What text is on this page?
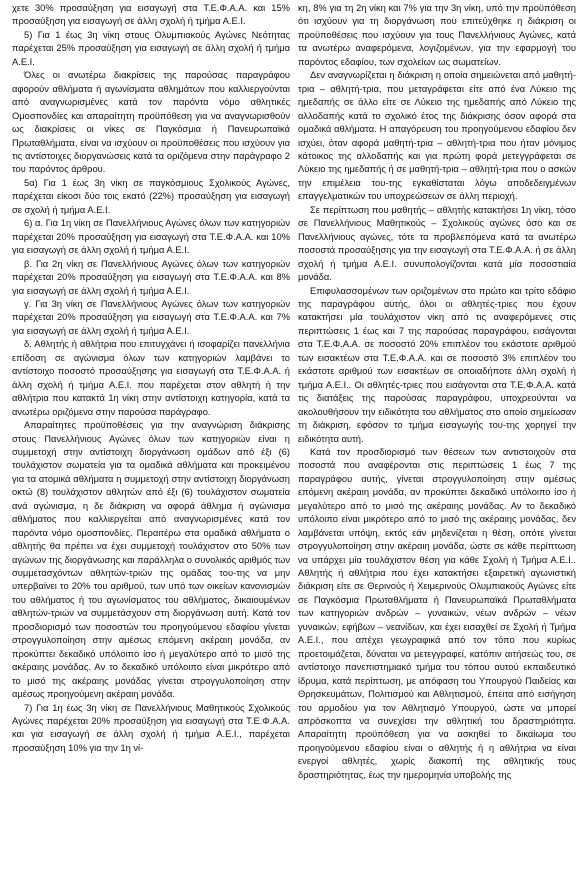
χετε 30% προσαύξηση για εισαγωγή στα Τ.Ε.Φ.Α.Α. και 15% προσαύξηση για εισαγωγή σε άλλη σχολή ή τμήμα Α.Ε.Ι.

5) Για 1 έως 3η νίκη στους Ολυμπιακούς Αγώνες Νεότητας παρέχεται 25% προσαύξηση για εισαγωγή σε άλλη σχολή ή τμήμα Α.Ε.Ι.

Όλες οι ανωτέρω διακρίσεις της παρούσας παραγράφου αφορούν αθλήματα ή αγωνίσματα αθλημάτων που καλλιεργούνται από αναγνωρισμένες κατά τον παρόντα νόμο αθλητικές Ομοσπονδίες και απαραίτητη προϋπόθεση για να αναγνωρισθούν ως διακρίσεις οι νίκες σε Παγκόσμια ή Πανευρωπαϊκά Πρωταθλήματα, είναι να ισχύουν οι προϋποθέσεις που ισχύουν για τις αντίστοιχες διοργανώσεις κατά τα οριζόμενα στην παράγραφο 2 του παρόντος άρθρου.

5α) Για 1 έως 3η νίκη σε παγκόσμιους Σχολικούς Αγώνες, παρέχεται είκοσι δύο τοις εκατό (22%) προσαύξηση για εισαγωγή σε σχολή ή τμήμα Α.Ε.Ι.

6) α. Για 1η νίκη σε Πανελλήνιους Αγώνες όλων των κατηγοριών παρέχεται 20% προσαύξηση για εισαγωγή στα Τ.Ε.Φ.Α.Α. και 10% για εισαγωγή σε άλλη σχολή ή τμήμα Α.Ε.Ι.

β. Για 2η νίκη σε Πανελλήνιους Αγώνες όλων των κατηγοριών παρέχεται 20% προσαύξηση για εισαγωγή στα Τ.Ε.Φ.Α.Α. και 8% για εισαγωγή σε άλλη σχολή ή τμήμα Α.Ε.Ι.

γ. Για 3η νίκη σε Πανελλήνιους Αγώνες όλων των κατηγοριών παρέχεται 20% προσαύξηση για εισαγωγή στα Τ.Ε.Φ.Α.Α. και 7% για εισαγωγή σε άλλη σχολή ή τμήμα Α.Ε.Ι.

δ. Αθλητής ή αθλήτρια που επιτυγχάνει ή ισοφαρίζει πανελλήνια επίδοση σε αγώνισμα όλων των κατηγοριών λαμβάνει το αντίστοιχο ποσοστό προσαύξησης για εισαγωγή στα Τ.Ε.Φ.Α.Α. ή άλλη σχολή ή τμήμα Α.Ε.Ι. που παρέχεται στον αθλητή ή την αθλήτρια που κατακτά 1η νίκη στην αντίστοιχη κατηγορία, κατά τα ανωτέρω οριζόμενα στην παρούσα παράγραφο.

Απαραίτητες προϋποθέσεις για την αναγνώριση διάκρισης στους Πανελλήνιους Αγώνες όλων των κατηγοριών είναι η συμμετοχή στην αντίστοιχη διοργάνωση ομάδων από έξι (6) τουλάχιστον σωματεία για τα ομαδικά αθλήματα και προκειμένου για τα ατομικά αθλήματα η συμμετοχή στην αντίστοιχη διοργάνωση οκτώ (8) τουλάχιστον αθλητών από έξι (6) τουλάχιστον σωματεία ανά αγώνισμα, η δε διάκριση να αφορά άθλημα ή αγώνισμα αθλήματος που καλλιεργείται από αναγνωρισμένες κατά τον παρόντα νόμο ομοσπονδίες. Περαιτέρω στα ομαδικά αθλήματα ο αθλητής θα πρέπει να έχει συμμετοχή τουλάχιστον στο 50% των αγώνων της διοργάνωσης και παράλληλα ο συνολικός αριθμός των συμμετασχόντων αθλητών-τριών της ομάδας του-της να μην υπερβαίνει το 20% του αριθμού, των υπό των οικείων κανονισμών του αθλήματος ή του αγωνίσματος του αθλήματος, δικαιουμένων αθλητών-τριών να συμμετάσχουν στη διοργάνωση αυτή. Κατά τον προσδιορισμό των ποσοστών του προηγούμενου εδαφίου γίνεται στρογγυλοποίηση στην αμέσως επόμενη ακέραιη μονάδα, αν προκύπτει δεκαδικό υπόλοιπο ίσο ή μεγαλύτερο από το μισό της ακέραιης μονάδας. Αν το δεκαδικό υπόλοιπο είναι μικρότερο από το μισό της ακέραιης μονάδας γίνεται στρογγυλοποίηση στην αμέσως προηγούμενη ακέραιη μονάδα.

7) Για 1η έως 3η νίκη σε Πανελλήνιους Μαθητικούς Σχολικούς Αγώνες παρέχεται 20% προσαύξηση για εισαγωγή στα Τ.Ε.Φ.Α.Α. και για εισαγωγή σε άλλη σχολή ή τμήμα Α.Ε.Ι., παρέχεται προσαύξηση 10% για την 1η νί-

κη, 8% για τη 2η νίκη και 7% για την 3η νίκη, υπό την προϋπόθεση ότι ισχύουν για τη διοργάνωση που επιτεύχθηκε η διάκριση οι προϋποθέσεις που ισχύουν για τους Πανελλήνιους Αγώνες, κατά τα ανωτέρω αναφερόμενα, λογιζομένων, για την εφαρμογή του παρόντος εδαφίου, των σχολείων ως σωματείων.

Δεν αναγνωρίζεται η διάκριση η οποία σημειώνεται από μαθητή-τρια – αθλητή-τρια, που μεταγράφεται είτε από ένα Λύκειο της ημεδαπής σε άλλο είτε σε Λύκειο της ημεδαπής από Λύκειο της αλλοδαπής κατά το σχολικό έτος της διάκρισης όσον αφορά στα ομαδικά αθλήματα. Η απαγόρευση του προηγούμενου εδαφίου δεν ισχύει, όταν αφορά μαθητή-τρια – αθλητή-τρια που ήταν μόνιμος κάτοικος της αλλοδαπής και για πρώτη φορά μετεγγράφεται σε Λύκειο της ημεδαπής ή σε μαθητή-τρια – αθλητή-τρια που ο ασκών την επιμέλεια του-της εγκαθίσταται λόγω αποδεδειγμένων επαγγελματικών του υποχρεώσεων σε άλλη περιοχή.

Σε περίπτωση που μαθητής – αθλητής κατακτήσει 1η νίκη, τόσο σε Πανελλήνιους Μαθητικούς – Σχολικούς αγώνες όσο και σε Πανελλήνιους αγώνες, τότε τα προβλεπόμενα κατά τα ανωτέρω ποσοστά προσαύξησης για την εισαγωγή στα Τ.Ε.Φ.Α.Α. ή σε άλλη σχολή ή τμήμα Α.Ε.Ι. συνυπολογίζονται κατά μία ποσοστιαία μονάδα.

Επιφυλασσομένων των οριζομένων στο πρώτο και τρίτο εδάφιο της παραγράφου αυτής, όλοι οι αθλητές-τριες που έχουν κατακτήσει μία τουλάχιστον νίκη από τις αναφερόμενες στις περιπτώσεις 1 έως και 7 της παρούσας παραγράφου, εισάγονται στα Τ.Ε.Φ.Α.Α. σε ποσοστό 20% επιπλέον του εκάστοτε αριθμού των εισακτέων στα Τ.Ε.Φ.Α.Α. και σε ποσοστό 3% επιπλέον του εκάστοτε αριθμού των εισακτέων σε οποιαδήποτε άλλη σχολή ή τμήμα Α.Ε.Ι.. Οι αθλητές-τριες που εισάγονται στα Τ.Ε.Φ.Α.Α. κατά τις διατάξεις της παρούσας παραγράφου, υποχρεούνται να ακολουθήσουν την ειδικότητα του αθλήματος στο οποίο σημείωσαν τη διάκριση, εφόσον το τμήμα εισαγωγής του-της χορηγεί την ειδικότητα αυτή.

Κατά τον προσδιορισμό των θέσεων των αντιστοιχούν στα ποσοστά που αναφέρονται στις περιπτώσεις 1 έως 7 της παραγράφου αυτής, γίνεται στρογγυλοποίηση στην αμέσως επόμενη ακέραιη μονάδα, αν προκύπτει δεκαδικό υπόλοιπο ίσο ή μεγαλύτερο από το μισό της ακέραιης μονάδας. Αν το δεκαδικό υπόλοιπο είναι μικρότερο από το μισό της ακέραιης μονάδας, δεν λαμβάνεται υπόψη, εκτός εάν μηδενίζεται η θέση, οπότε γίνεται στρογγυλοποίηση στην ακέραιη μονάδα, ώστε σε κάθε περίπτωση να υπάρχει μία τουλάχιστον θέση για κάθε Σχολή ή Τμήμα Α.Ε.Ι.. Αθλητής ή αθλήτρια που έχει κατακτήσει εξαιρετική αγωνιστική διάκριση είτε σε Θερινούς ή Χειμερινούς Ολυμπιακούς Αγώνες είτε σε Παγκόσμια Πρωταθλήματα ή Πανευρωπαϊκά Πρωταθλήματα των κατηγοριών ανδρών – γυναικών, νέων ανδρών – νέων γυναικών, εφήβων – νεανίδων, και έχει εισαχθεί σε Σχολή ή Τμήμα Α.Ε.Ι., που απέχει γεωγραφικά από τον τόπο που κυρίως προετοιμάζεται, δύναται να μετεγγραφεί, κατόπιν αιτήσεώς του, σε αντίστοιχο πανεπιστημιακό τμήμα του τόπου αυτού εκπαιδευτικό ίδρυμα, κατά περίπτωση, με απόφαση του Υπουργού Παιδείας και Θρησκευμάτων, Πολιτισμού και Αθλητισμού, έπειτα από εισήγηση του αρμοδίου για τον Αθλητισμό Υπουργού, ώστε να μπορεί απρόσκοπτα να συνεχίσει την αθλητική του δραστηριότητα. Απαραίτητη προϋπόθεση για να ασκηθεί το δικαίωμα του προηγούμενου εδαφίου είναι ο αθλητής ή η αθλήτρια να είναι ενεργοί αθλητές, χωρίς διακοπή της αθλητικής τους δραστηριότητας, έως την ημερομηνία υποβολής της
